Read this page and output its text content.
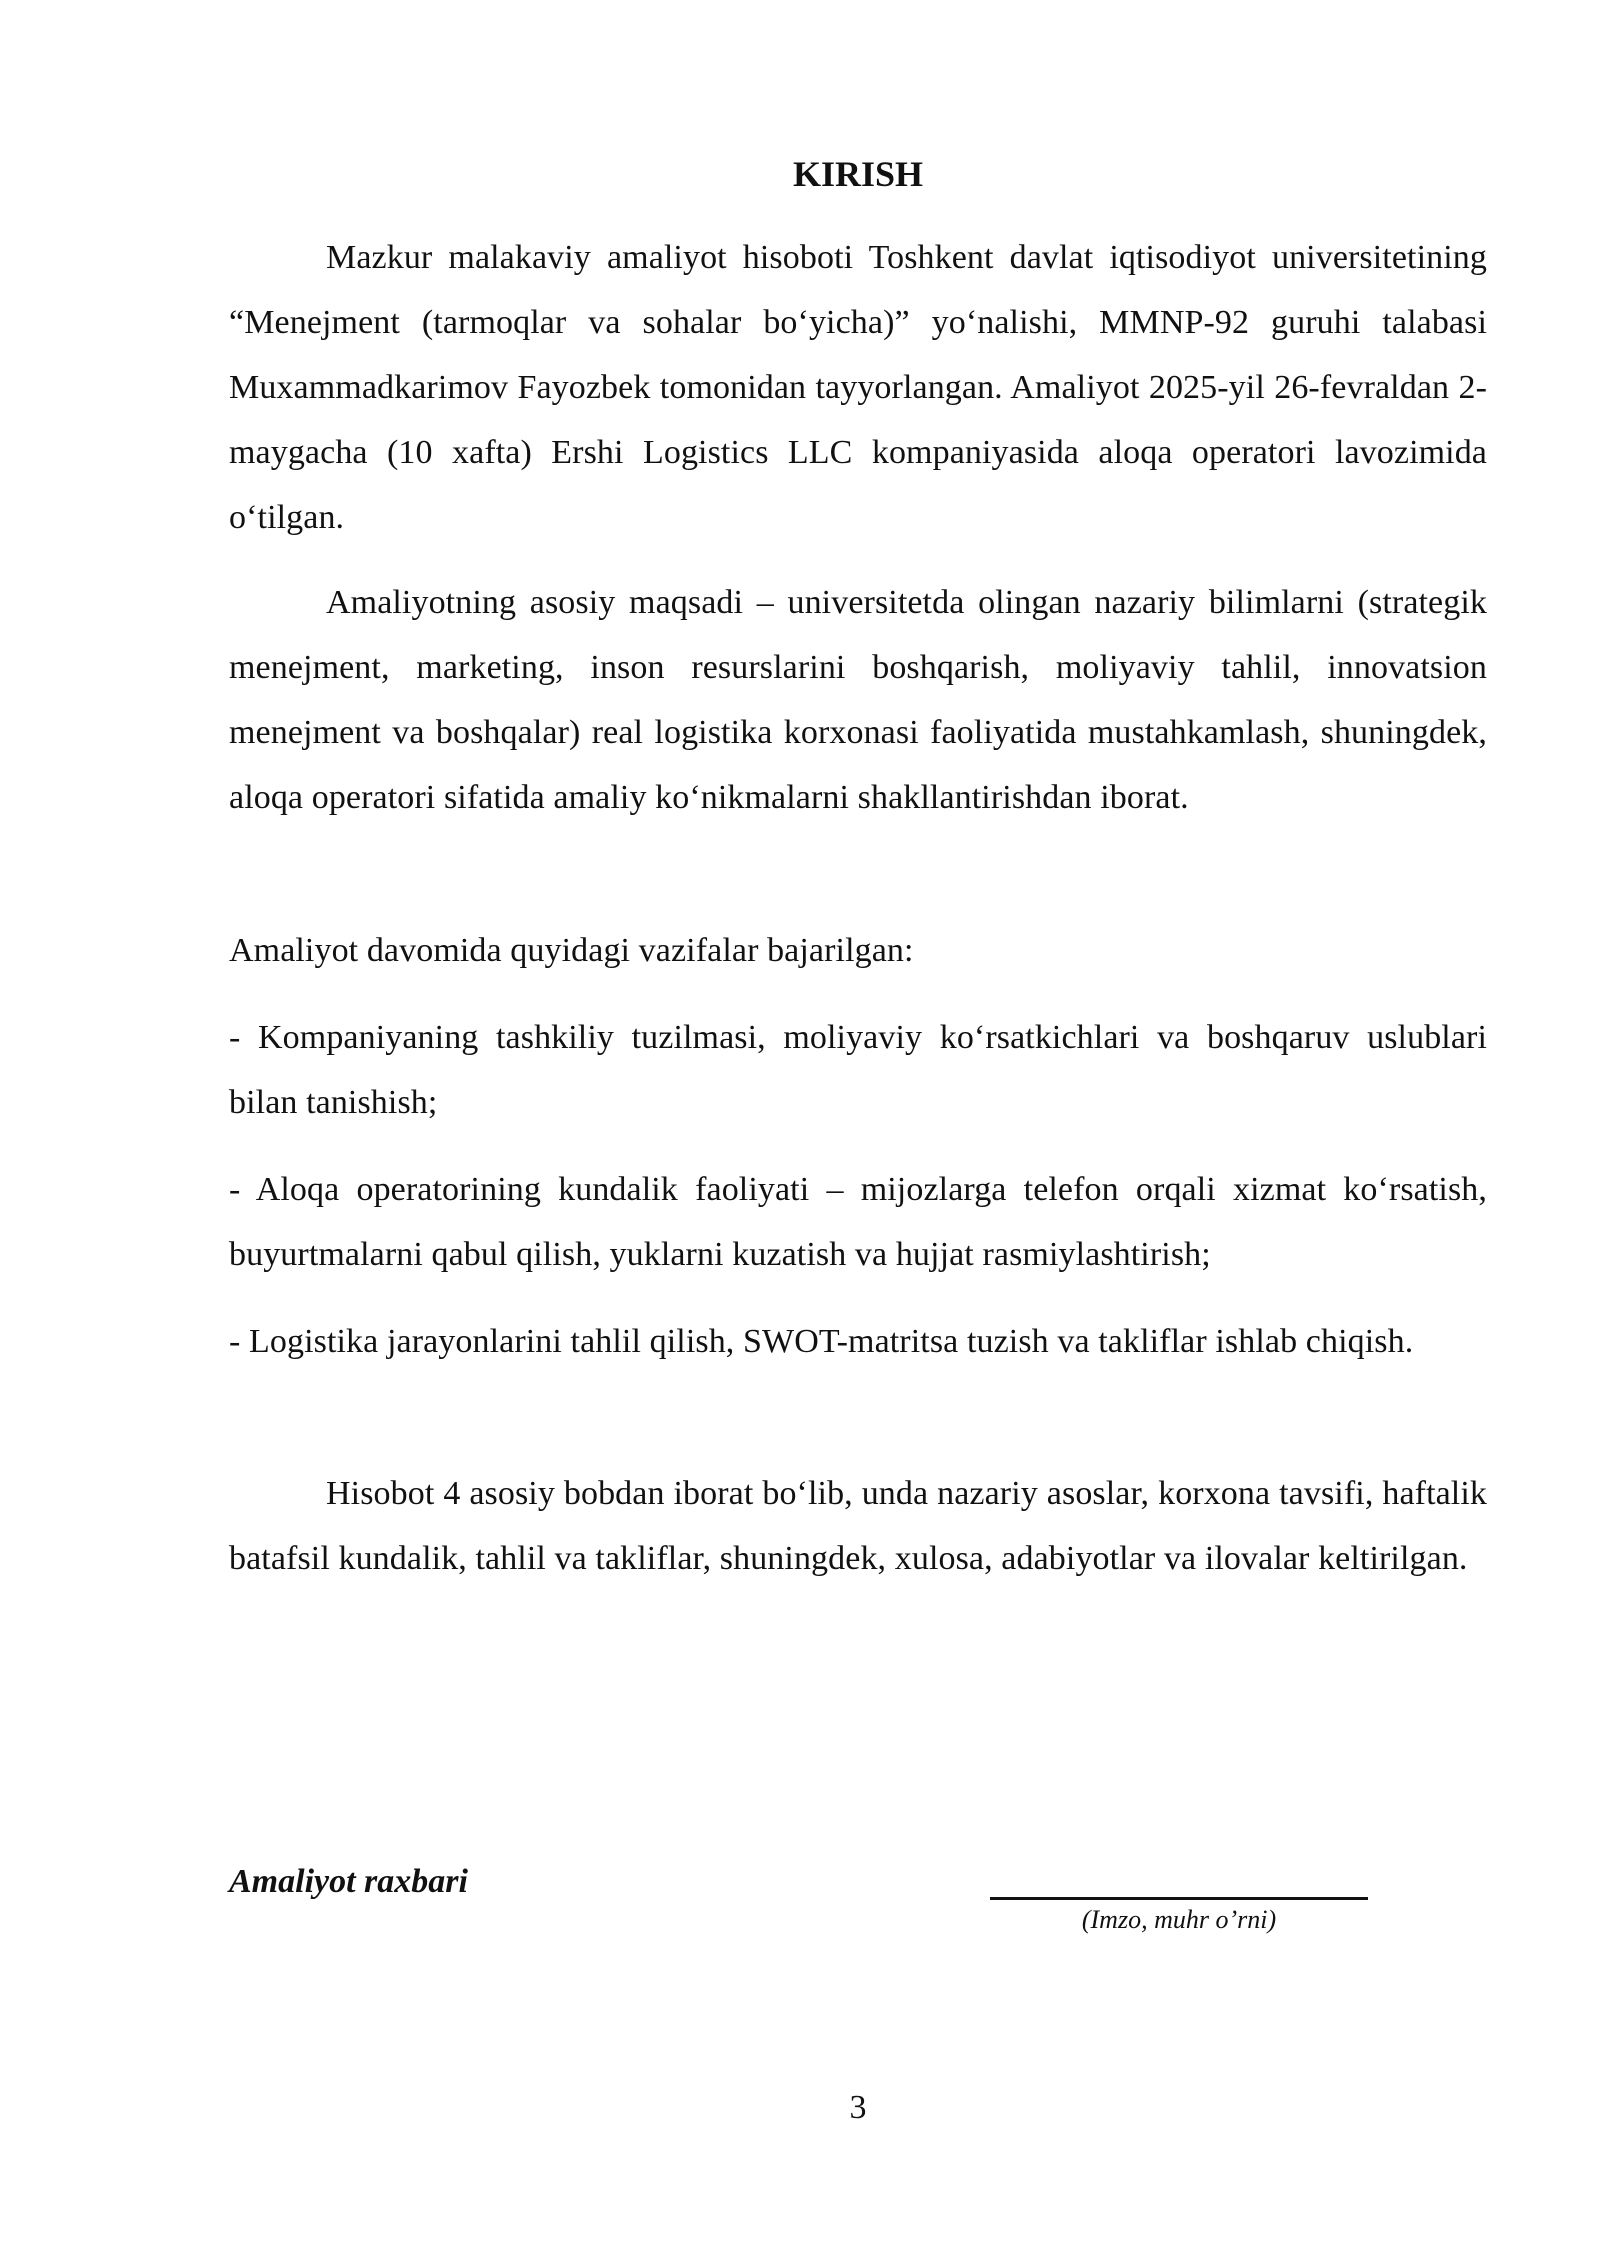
KIRISH

Mazkur malakaviy amaliyot hisoboti Toshkent davlat iqtisodiyot universitetining “Menejment (tarmoqlar va sohalar bo‘yicha)” yo‘nalishi, MMNP-92 guruhi talabasi Muxammadkarimov Fayozbek tomonidan tayyorlangan. Amaliyot 2025-yil 26-fevraldan 2-maygacha (10 xafta) Ershi Logistics LLC kompaniyasida aloqa operatori lavozimida o‘tilgan.

Amaliyotning asosiy maqsadi – universitetda olingan nazariy bilimlarni (strategik menejment, marketing, inson resurslarini boshqarish, moliyaviy tahlil, innovatsion menejment va boshqalar) real logistika korxonasi faoliyatida mustahkamlash, shuningdek, aloqa operatori sifatida amaliy ko‘nikmalarni shakllantirishdan iborat.

Amaliyot davomida quyidagi vazifalar bajarilgan:

- Kompaniyaning tashkiliy tuzilmasi, moliyaviy ko‘rsatkichlari va boshqaruv uslublari bilan tanishish;

- Aloqa operatorining kundalik faoliyati – mijozlarga telefon orqali xizmat ko‘rsatish, buyurtmalarni qabul qilish, yuklarni kuzatish va hujjat rasmiylashtirish;

- Logistika jarayonlarini tahlil qilish, SWOT-matritsa tuzish va takliflar ishlab chiqish.

Hisobot 4 asosiy bobdan iborat bo‘lib, unda nazariy asoslar, korxona tavsifi, haftalik batafsil kundalik, tahlil va takliflar, shuningdek, xulosa, adabiyotlar va ilovalar keltirilgan.

Amaliyot raxbari

(Imzo, muhr o’rni)

3
